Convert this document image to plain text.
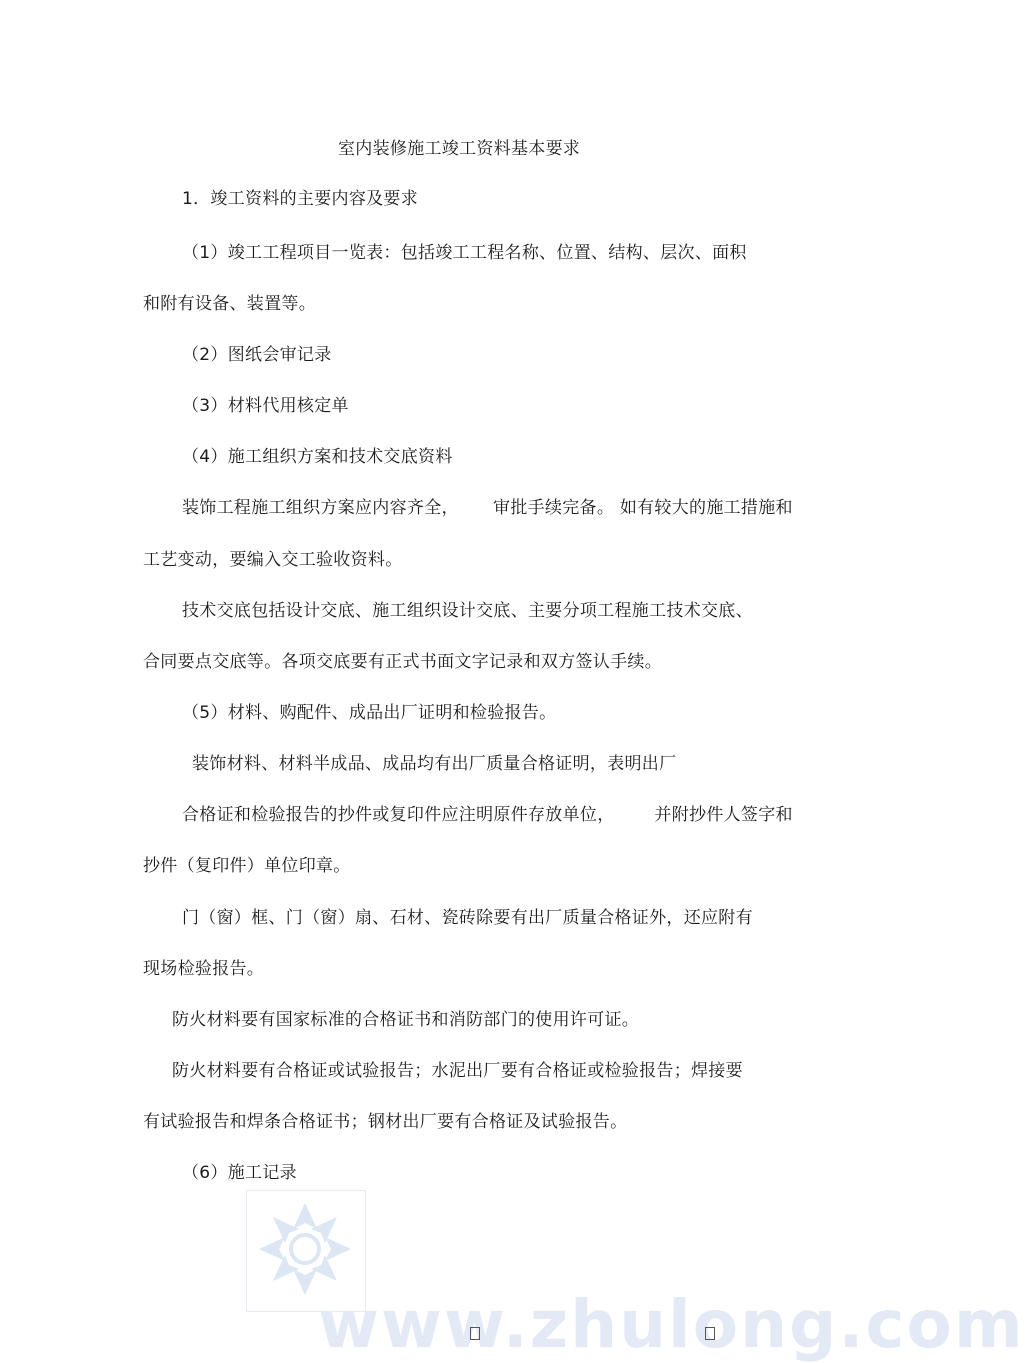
室内装修施工竣工资料基本要求
1．竣工资料的主要内容及要求
（1）竣工工程项目一览表：包括竣工工程名称、位置、结构、层次、面积
和附有设备、装置等。
（2）图纸会审记录
（3）材料代用核定单
（4）施工组织方案和技术交底资料
装饰工程施工组织方案应内容齐全，      审批手续完备。 如有较大的施工措施和
工艺变动，要编入交工验收资料。
技术交底包括设计交底、施工组织设计交底、主要分项工程施工技术交底、
合同要点交底等。各项交底要有正式书面文字记录和双方签认手续。
（5）材料、购配件、成品出厂证明和检验报告。
装饰材料、材料半成品、成品均有出厂质量合格证明，表明出厂
合格证和检验报告的抄件或复印件应注明原件存放单位，       并附抄件人签字和
抄件（复印件）单位印章。
门（窗）框、门（窗）扇、石材、瓷砖除要有出厂质量合格证外，还应附有
现场检验报告。
防火材料要有国家标准的合格证书和消防部门的使用许可证。
防火材料要有合格证或试验报告；水泥出厂要有合格证或检验报告；焊接要
有试验报告和焊条合格证书；钢材出厂要有合格证及试验报告。
（6）施工记录
www.zhulong.com
